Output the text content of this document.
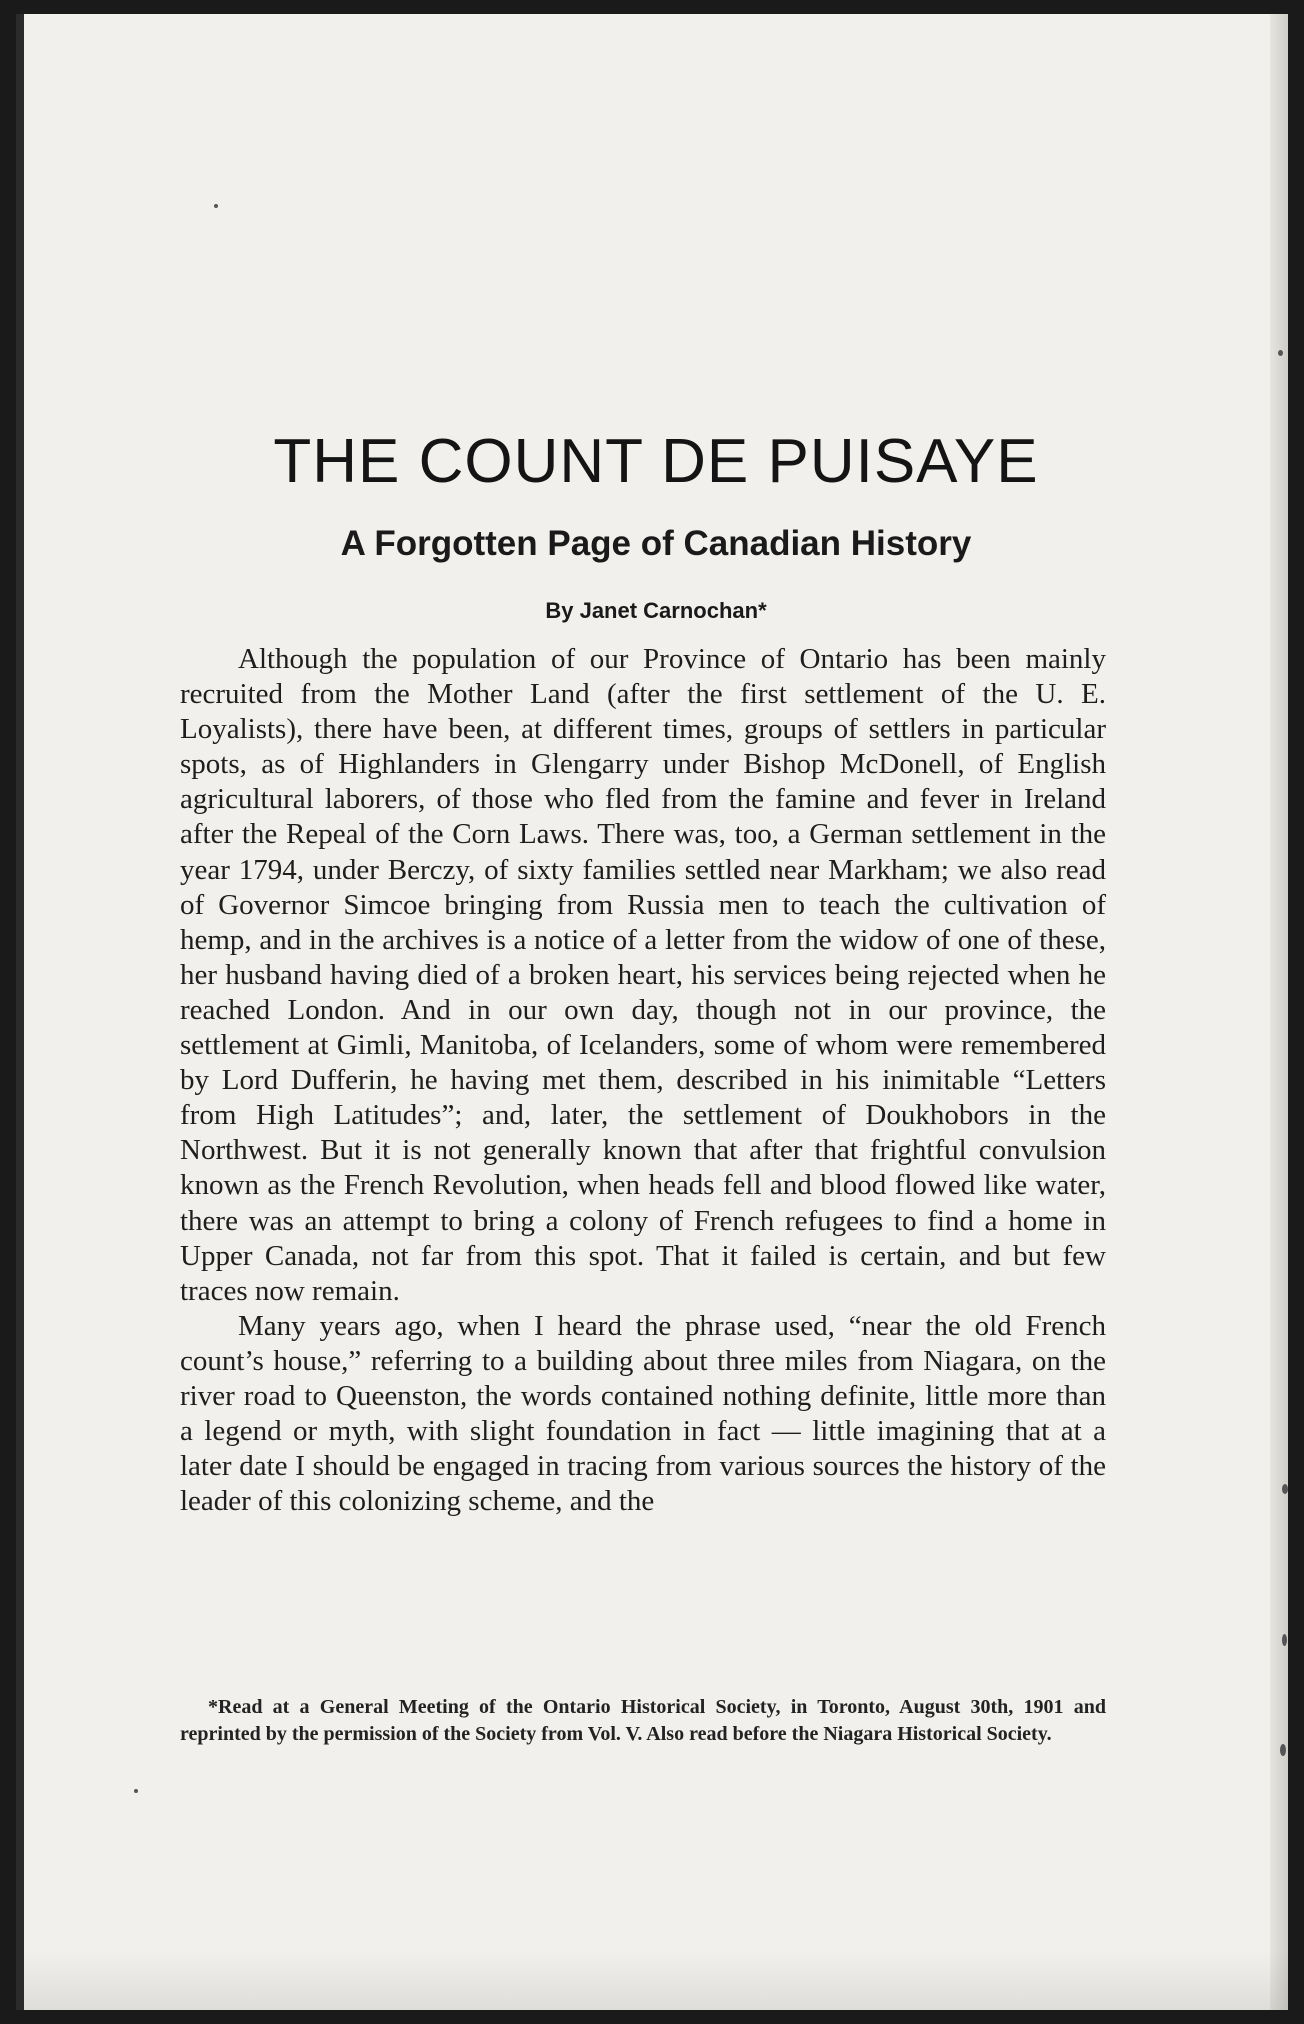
THE COUNT DE PUISAYE
A Forgotten Page of Canadian History
By Janet Carnochan*

Although the population of our Province of Ontario has been mainly recruited from the Mother Land (after the first settlement of the U. E. Loyalists), there have been, at different times, groups of settlers in particular spots, as of Highlanders in Glengarry under Bishop McDonell, of English agricultural laborers, of those who fled from the famine and fever in Ireland after the Repeal of the Corn Laws. There was, too, a German settlement in the year 1794, under Berczy, of sixty families settled near Markham; we also read of Governor Simcoe bringing from Russia men to teach the cultivation of hemp, and in the archives is a notice of a letter from the widow of one of these, her husband having died of a broken heart, his services being rejected when he reached London. And in our own day, though not in our province, the settlement at Gimli, Manitoba, of Icelanders, some of whom were remembered by Lord Dufferin, he having met them, described in his inimitable “Letters from High Latitudes”; and, later, the settlement of Doukhobors in the Northwest. But it is not generally known that after that frightful convulsion known as the French Revolution, when heads fell and blood flowed like water, there was an attempt to bring a colony of French refugees to find a home in Upper Canada, not far from this spot. That it failed is certain, and but few traces now remain.

Many years ago, when I heard the phrase used, “near the old French count’s house,” referring to a building about three miles from Niagara, on the river road to Queenston, the words contained nothing definite, little more than a legend or myth, with slight foundation in fact — little imagining that at a later date I should be engaged in tracing from various sources the history of the leader of this colonizing scheme, and the

*Read at a General Meeting of the Ontario Historical Society, in Toronto, August 30th, 1901 and reprinted by the permission of the Society from Vol. V. Also read before the Niagara Historical Society.
